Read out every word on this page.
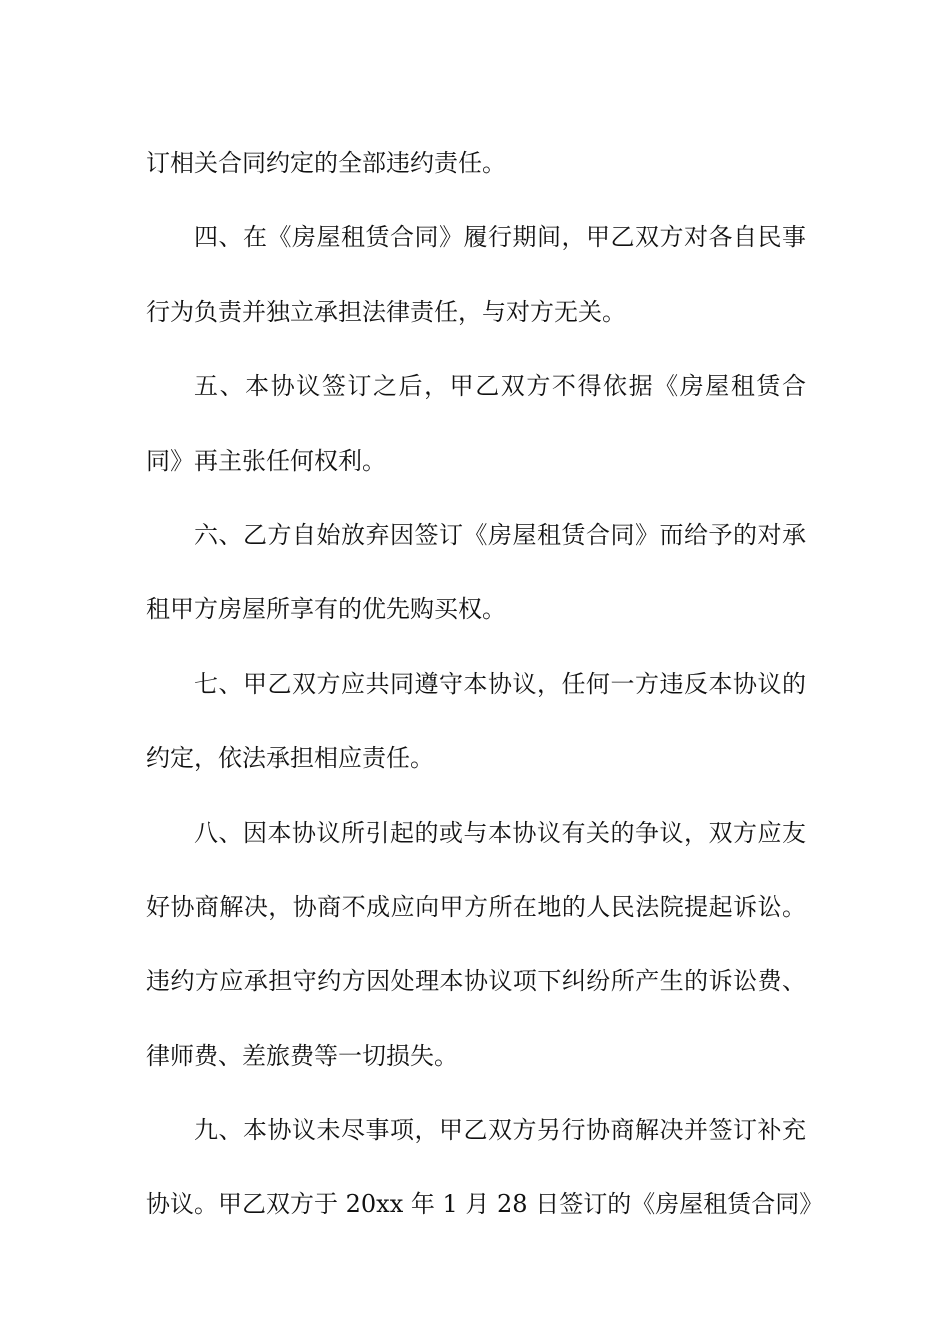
订相关合同约定的全部违约责任。
四、在《房屋租赁合同》履行期间，甲乙双方对各自民事
行为负责并独立承担法律责任，与对方无关。
五、本协议签订之后，甲乙双方不得依据《房屋租赁合
同》再主张任何权利。
六、乙方自始放弃因签订《房屋租赁合同》而给予的对承
租甲方房屋所享有的优先购买权。
七、甲乙双方应共同遵守本协议，任何一方违反本协议的
约定，依法承担相应责任。
八、因本协议所引起的或与本协议有关的争议，双方应友
好协商解决，协商不成应向甲方所在地的人民法院提起诉讼。
违约方应承担守约方因处理本协议项下纠纷所产生的诉讼费、
律师费、差旅费等一切损失。
九、本协议未尽事项，甲乙双方另行协商解决并签订补充
协议。甲乙双方于 20xx 年 1 月 28 日签订的《房屋租赁合同》
